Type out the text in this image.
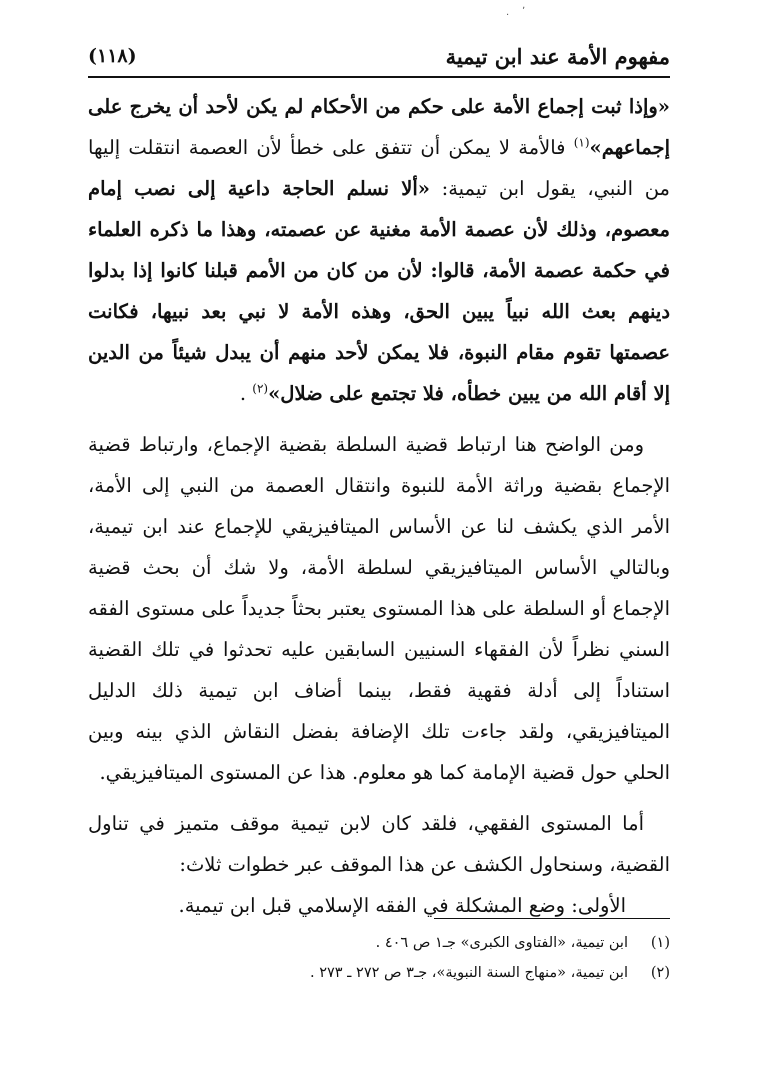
· ʼ
مفهوم الأمة عند ابن تيمية
(١١٨)

«وإذا ثبت إجماع الأمة على حكم من الأحكام لم يكن لأحد أن يخرج على إجماعهم»$^{(١)}$ فالأمة لا يمكن أن تتفق على خطأ لأن العصمة انتقلت إليها من النبي، يقول ابن تيمية: «ألا نسلم الحاجة داعية إلى نصب إمام معصوم، وذلك لأن عصمة الأمة مغنية عن عصمته، وهذا ما ذكره العلماء في حكمة عصمة الأمة، قالوا: لأن من كان من الأمم قبلنا كانوا إذا بدلوا دينهم بعث الله نبياً يبين الحق، وهذه الأمة لا نبي بعد نبيها، فكانت عصمتها تقوم مقام النبوة، فلا يمكن لأحد منهم أن يبدل شيئاً من الدين إلا أقام الله من يبين خطأه، فلا تجتمع على ضلال»$^{(٢)}$ .

ومن الواضح هنا ارتباط قضية السلطة بقضية الإجماع، وارتباط قضية الإجماع بقضية وراثة الأمة للنبوة وانتقال العصمة من النبي إلى الأمة، الأمر الذي يكشف لنا عن الأساس الميتافيزيقي للإجماع عند ابن تيمية، وبالتالي الأساس الميتافيزيقي لسلطة الأمة، ولا شك أن بحث قضية الإجماع أو السلطة على هذا المستوى يعتبر بحثاً جديداً على مستوى الفقه السني نظراً لأن الفقهاء السنيين السابقين عليه تحدثوا في تلك القضية استناداً إلى أدلة فقهية فقط، بينما أضاف ابن تيمية ذلك الدليل الميتافيزيقي، ولقد جاءت تلك الإضافة بفضل النقاش الذي بينه وبين الحلي حول قضية الإمامة كما هو معلوم. هذا عن المستوى الميتافيزيقي.

أما المستوى الفقهي، فلقد كان لابن تيمية موقف متميز في تناول القضية، وسنحاول الكشف عن هذا الموقف عبر خطوات ثلاث:

الأولى: وضع المشكلة في الفقه الإسلامي قبل ابن تيمية.

(١)
ابن تيمية، «الفتاوى الكبرى» جـ١ ص ٤٠٦ .
(٢)
ابن تيمية، «منهاج السنة النبوية»، جـ٣ ص ٢٧٢ ـ ٢٧٣ .
